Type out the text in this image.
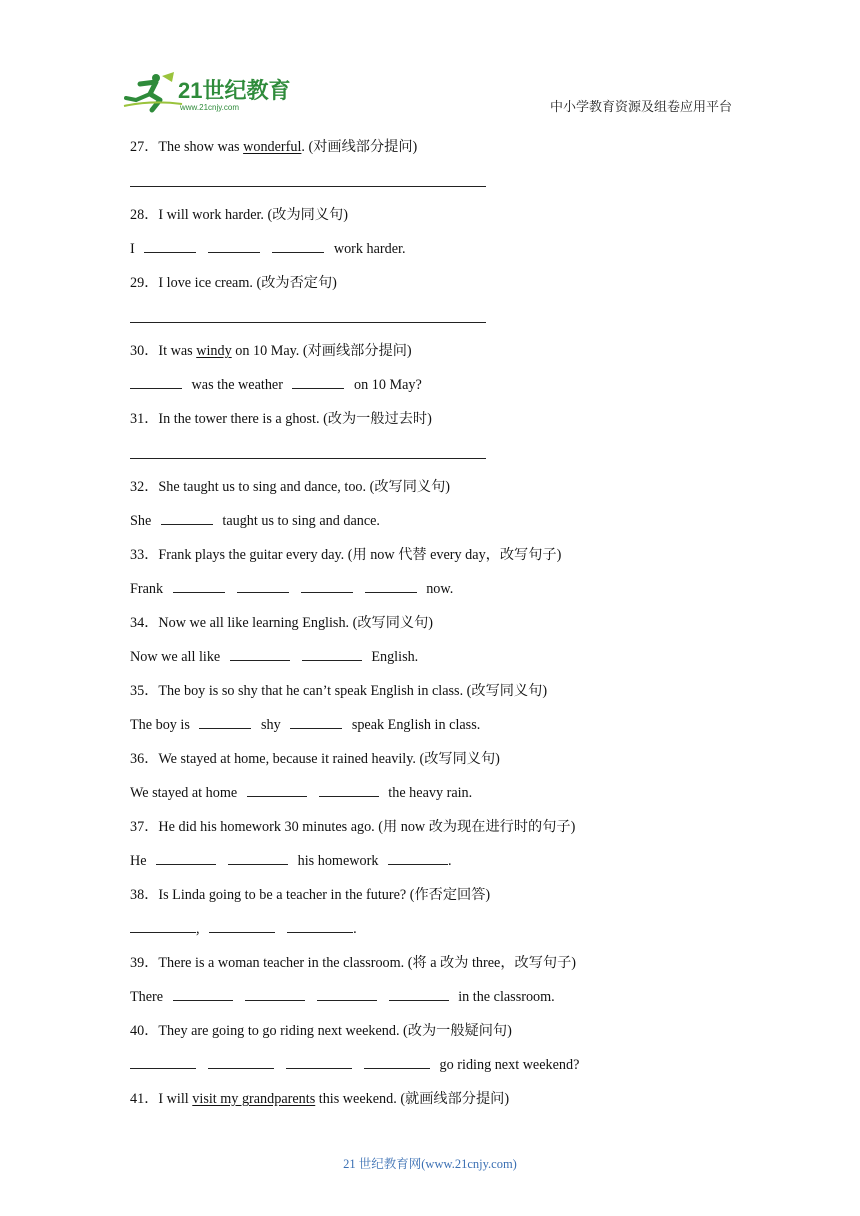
21世纪教育
www.21cnjy.com	中小学教育资源及组卷应用平台
27．The show was wonderful. (对画线部分提问)
28．I will work harder. (改为同义句)
I	work harder.
29．I love ice cream. (改为否定句)
30．It was windy on 10 May. (对画线部分提问)
was the weather	on 10 May?
31．In the tower there is a ghost. (改为一般过去时)
32．She taught us to sing and dance, too. (改写同义句)
She	taught us to sing and dance.
33．Frank plays the guitar every day. (用 now 代替 every day，改写句子)
Frank	now.
34．Now we all like learning English. (改写同义句)
Now we all like	English.
35．The boy is so shy that he can’t speak English in class. (改写同义句)
The boy is	shy	speak English in class.
36．We stayed at home, because it rained heavily. (改写同义句)
We stayed at home	the heavy rain.
37．He did his homework 30 minutes ago. (用 now 改为现在进行时的句子)
He	his homework	.
38．Is Linda going to be a teacher in the future? (作否定回答)
,	.
39．There is a woman teacher in the classroom. (将 a 改为 three，改写句子)
There	in the classroom.
40．They are going to go riding next weekend. (改为一般疑问句)
go riding next weekend?
41．I will visit my grandparents this weekend. (就画线部分提问)
21 世纪教育网(www.21cnjy.com)
